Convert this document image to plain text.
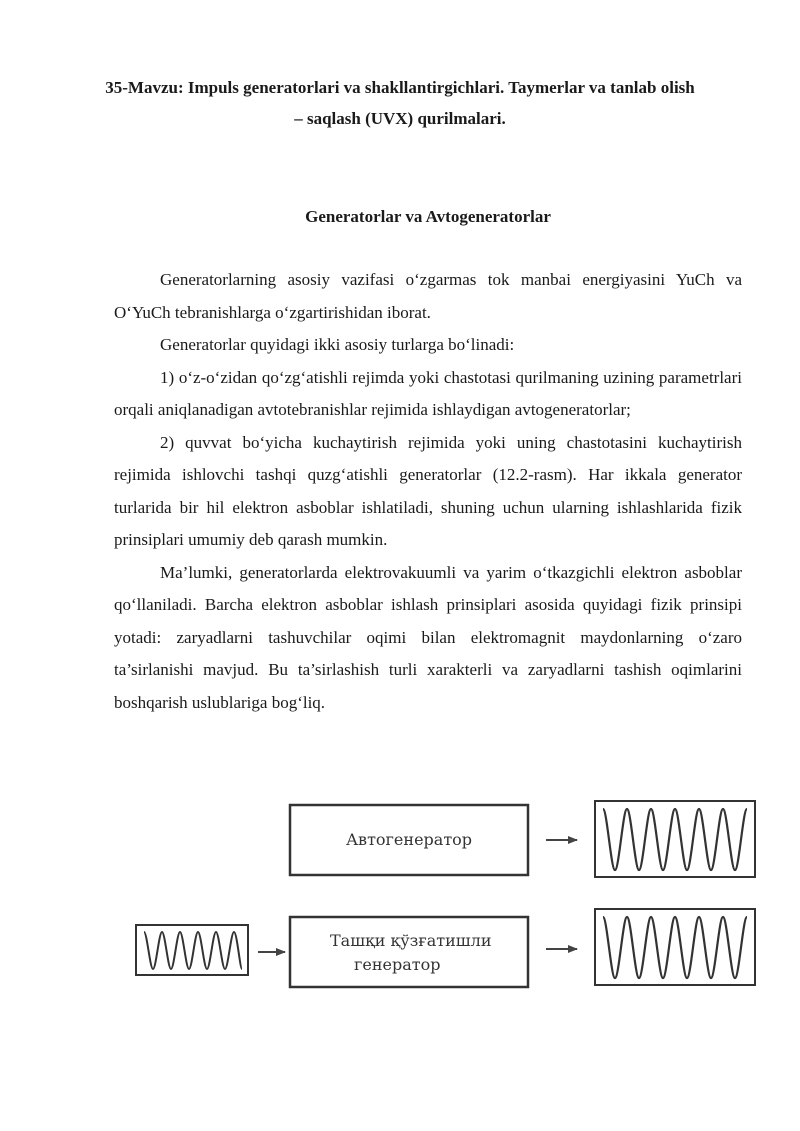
35-Mavzu: Impuls generatorlari va shakllantirgichlari. Taymerlar va tanlab olish – saqlash (UVX) qurilmalari.
Generatorlar va Avtogeneratorlar

Generatorlarning asosiy vazifasi o‘zgarmas tok manbai energiyasini YuCh va O‘YuCh tebranishlarga o‘zgartirishidan iborat.

Generatorlar quyidagi ikki asosiy turlarga bo‘linadi:

1) o‘z-o‘zidan qo‘zg‘atishli rejimda yoki chastotasi qurilmaning uzining parametrlari orqali aniqlanadigan avtotebranishlar rejimida ishlaydigan avtogeneratorlar;

2) quvvat bo‘yicha kuchaytirish rejimida yoki uning chastotasini kuchaytirish rejimida ishlovchi tashqi quzg‘atishli generatorlar (12.2-rasm). Har ikkala generator turlarida bir hil elektron asboblar ishlatiladi, shuning uchun ularning ishlashlarida fizik prinsiplari umumiy deb qarash mumkin.

Ma’lumki, generatorlarda elektrovakuumli va yarim o‘tkazgichli elektron asboblar qo‘llaniladi. Barcha elektron asboblar ishlash prinsiplari asosida quyidagi fizik prinsipi yotadi: zaryadlarni tashuvchilar oqimi bilan elektromagnit maydonlarning o‘zaro ta’sirlanishi mavjud. Bu ta’sirlashish turli xarakterli va zaryadlarni tashish oqimlarini boshqarish uslublariga bog‘liq.

Автогенератор
Ташқи қўзғатишли
генератор
